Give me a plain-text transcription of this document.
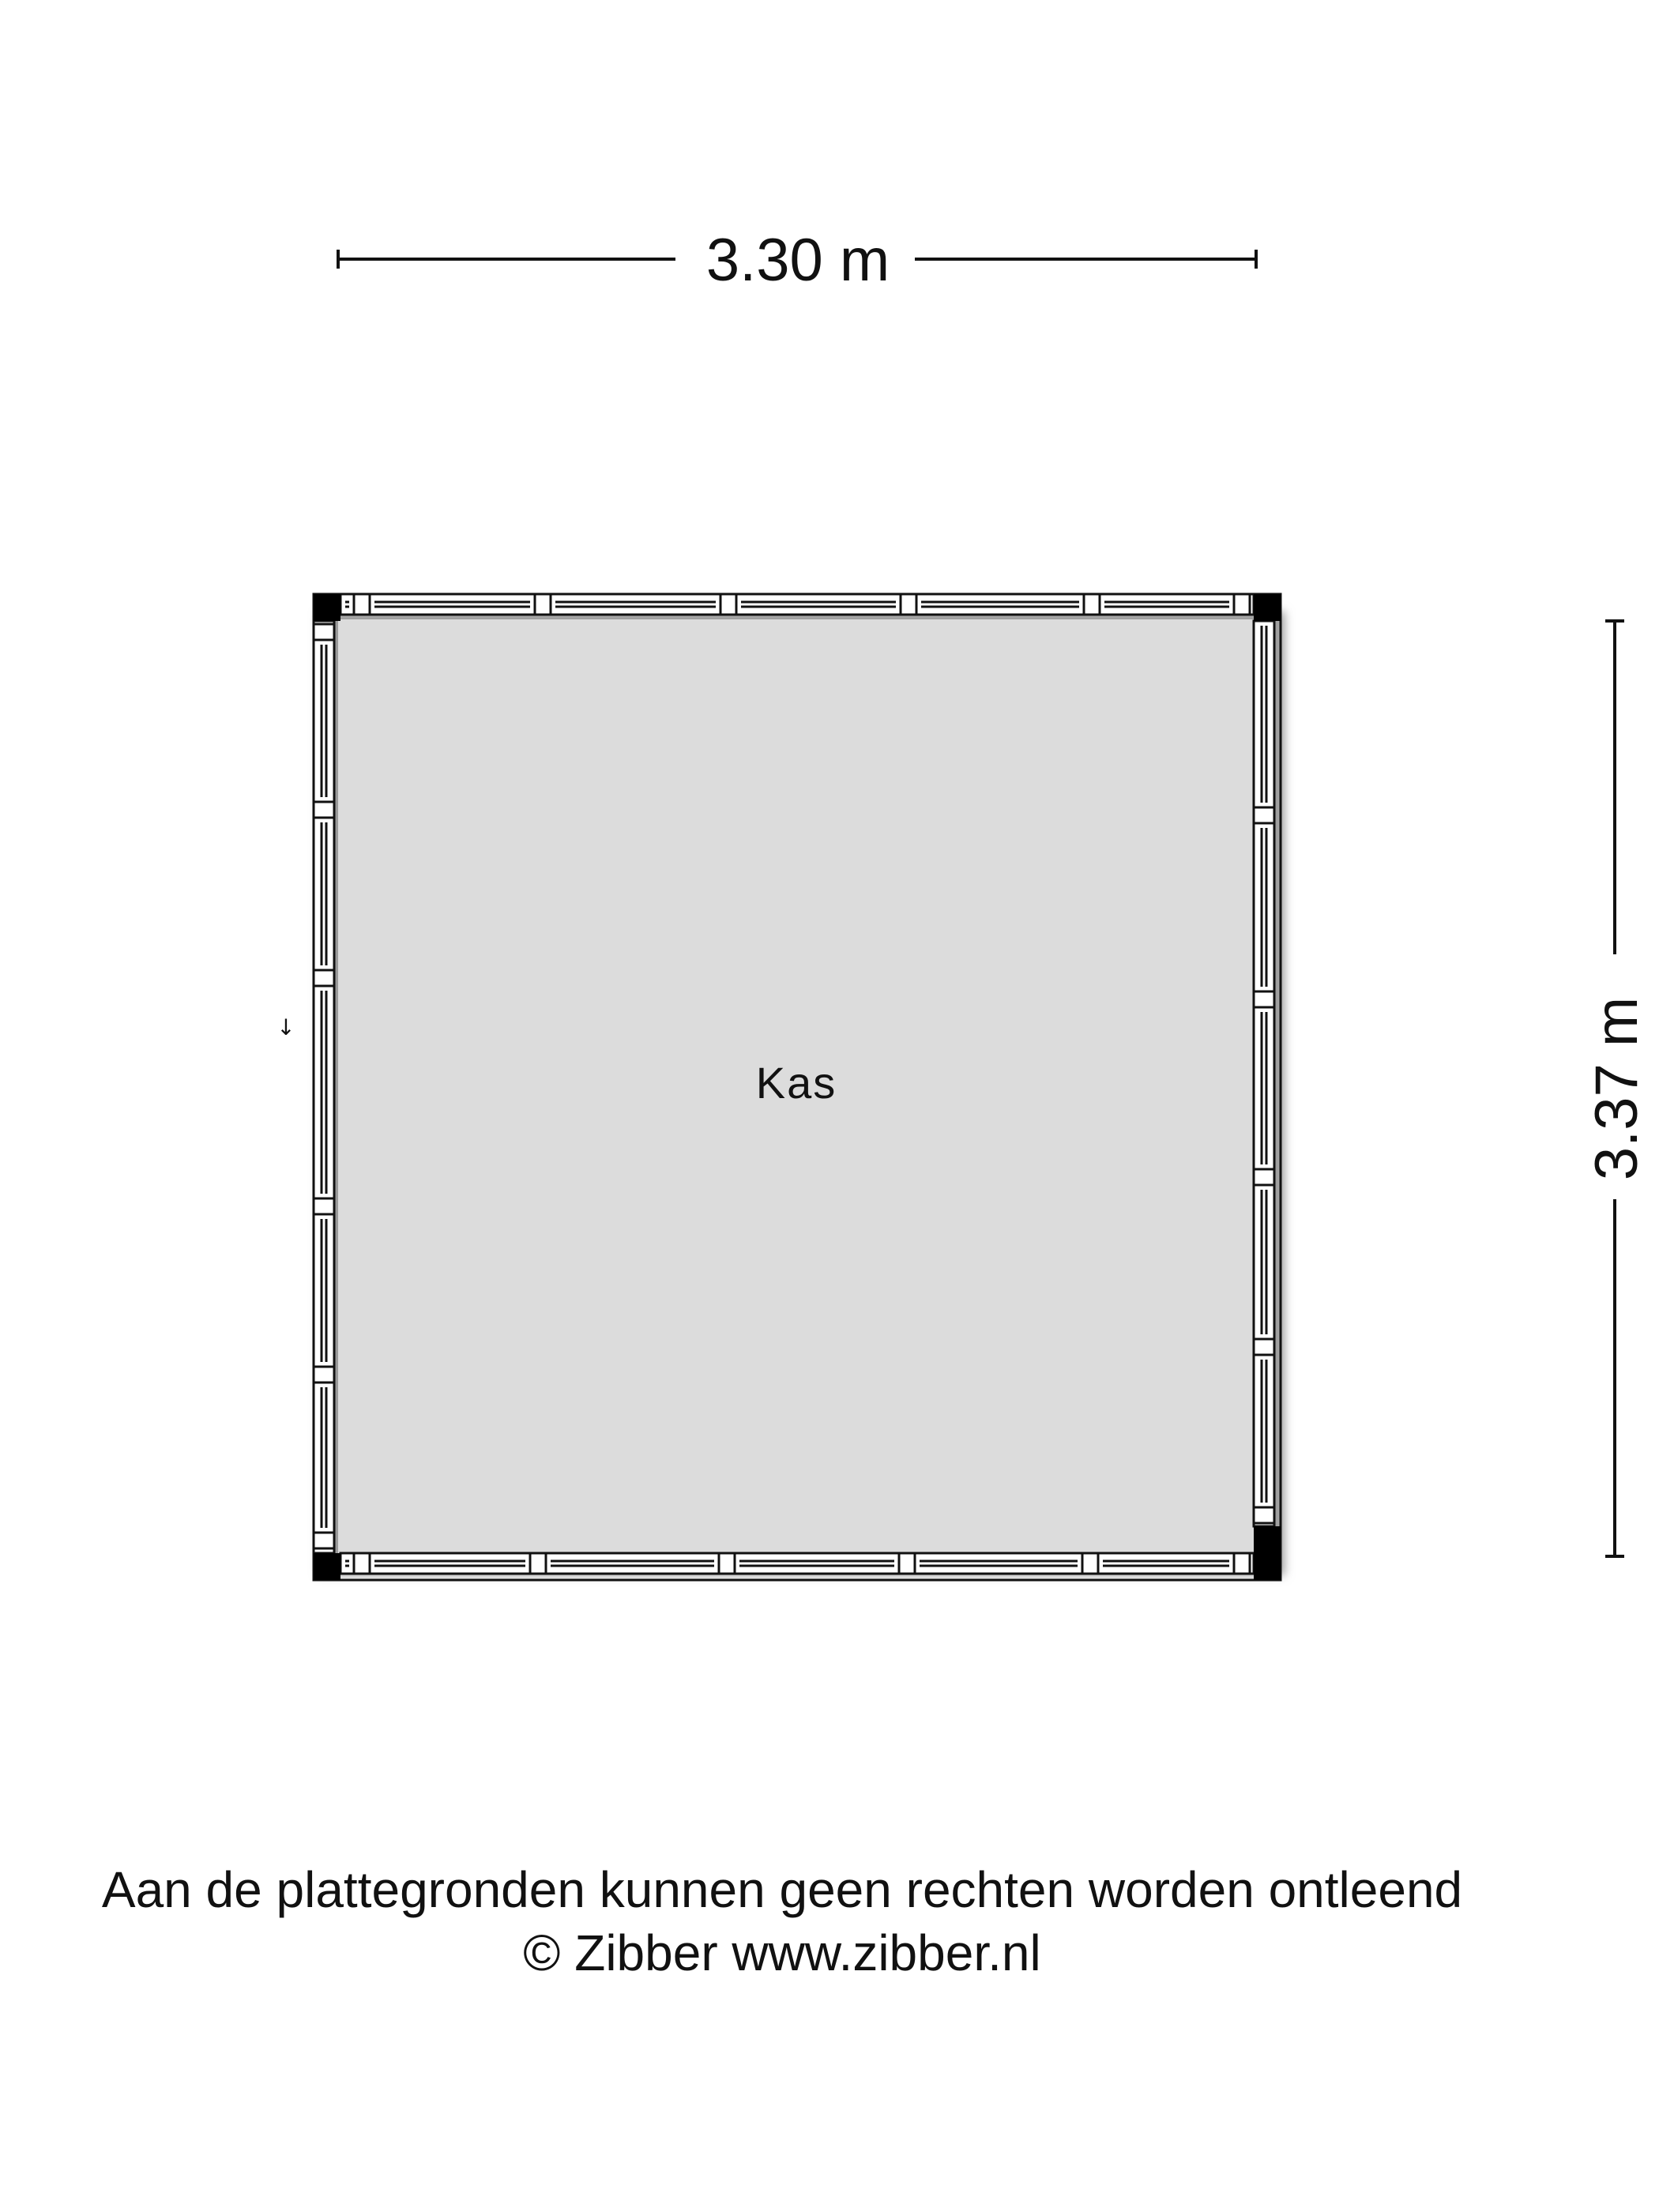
3.30 m
3.37 m
Kas
↓
Aan de plattegronden kunnen geen rechten worden ontleend
© Zibber www.zibber.nl
